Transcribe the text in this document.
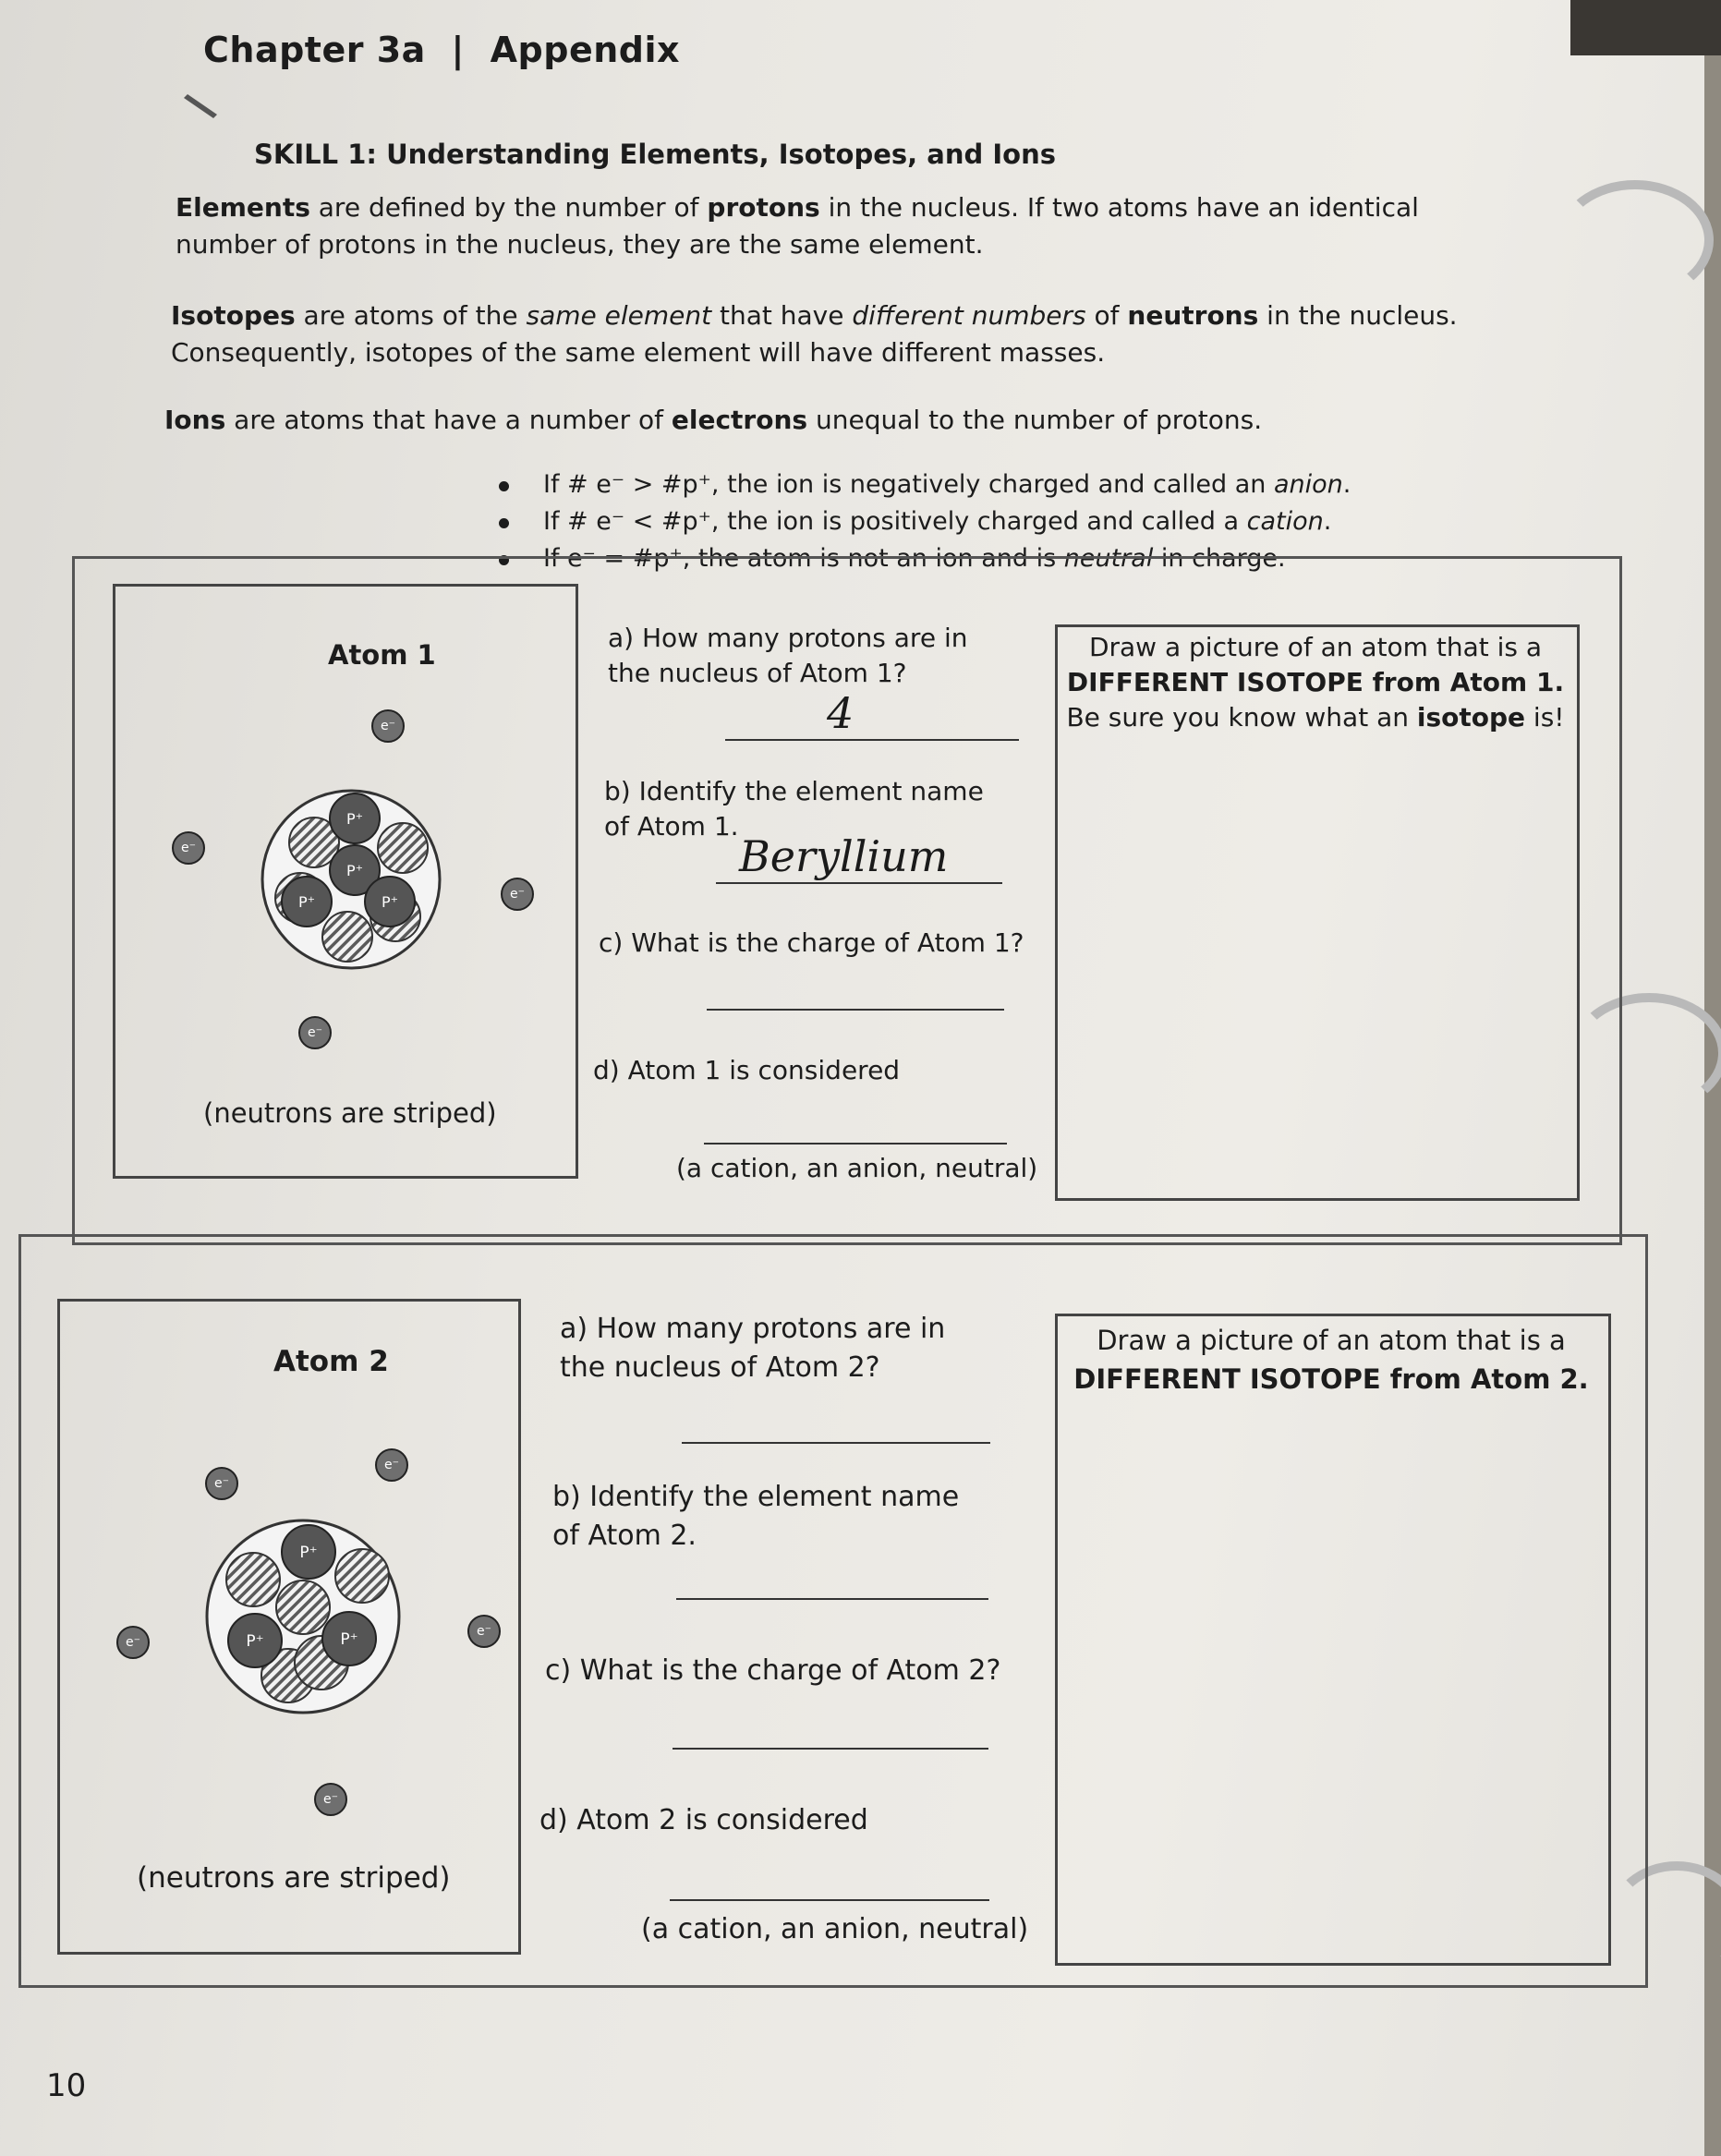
Chapter 3a | Appendix
SKILL 1: Understanding Elements, Isotopes, and Ions
Elements are defined by the number of protons in the nucleus. If two atoms have an identical number of protons in the nucleus, they are the same element.
Isotopes are atoms of the same element that have different numbers of neutrons in the nucleus. Consequently, isotopes of the same element will have different masses.
Ions are atoms that have a number of electrons unequal to the number of protons.
If # e⁻ > #p⁺, the ion is negatively charged and called an anion.
If # e⁻ < #p⁺, the ion is positively charged and called a cation.
If e⁻ = #p⁺, the atom is not an ion and is neutral in charge.
Atom 1
e⁻
e⁻
e⁻
e⁻
P⁺
P⁺
P⁺	P⁺
(neutrons are striped)
a) How many protons are in the nucleus of Atom 1?
4
b) Identify the element name of Atom 1.
Beryllium
c) What is the charge of Atom 1?
d) Atom 1 is considered
(a cation, an anion, neutral)
Draw a picture of an atom that is a
DIFFERENT ISOTOPE from Atom 1.
Be sure you know what an isotope is!
Atom 2
e⁻
e⁻
e⁻
e⁻
e⁻
P⁺
P⁺	P⁺
(neutrons are striped)
a) How many protons are in the nucleus of Atom 2?
b) Identify the element name of Atom 2.
c) What is the charge of Atom 2?
d) Atom 2 is considered
(a cation, an anion, neutral)
Draw a picture of an atom that is a
DIFFERENT ISOTOPE from Atom 2.
10
